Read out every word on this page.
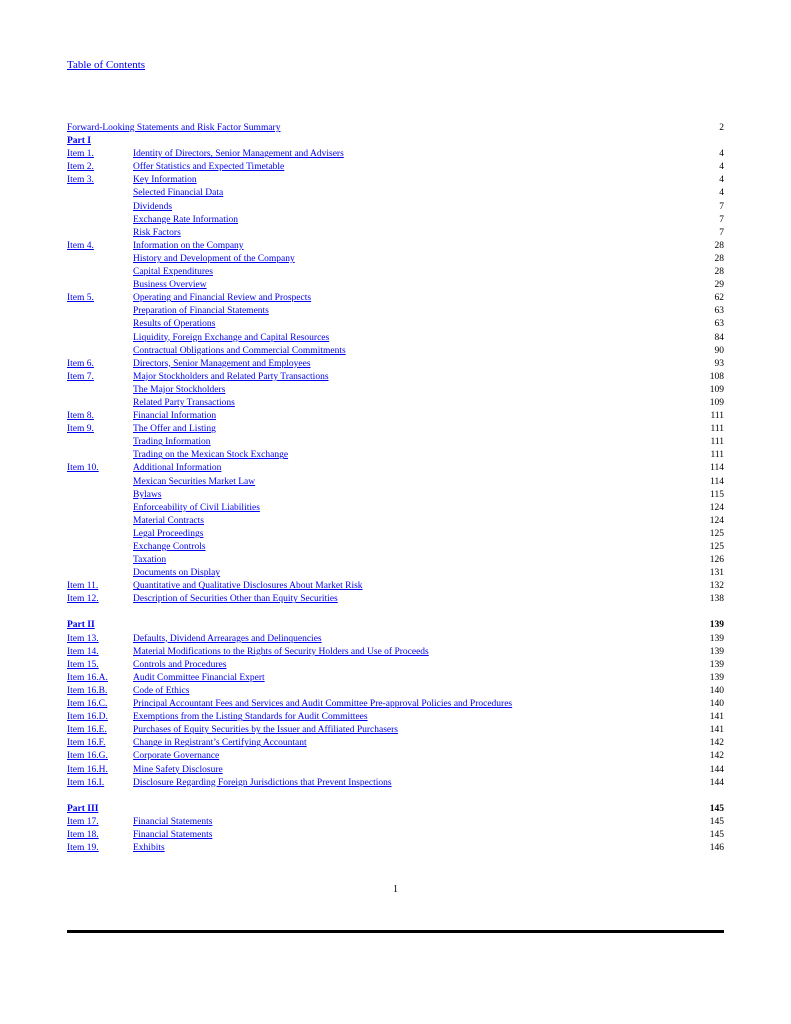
Table of Contents
Forward-Looking Statements and Risk Factor Summary	2
Part I
Item 1.	Identity of Directors, Senior Management and Advisers	4
Item 2.	Offer Statistics and Expected Timetable	4
Item 3.	Key Information	4
Selected Financial Data	4
Dividends	7
Exchange Rate Information	7
Risk Factors	7
Item 4.	Information on the Company	28
History and Development of the Company	28
Capital Expenditures	28
Business Overview	29
Item 5.	Operating and Financial Review and Prospects	62
Preparation of Financial Statements	63
Results of Operations	63
Liquidity, Foreign Exchange and Capital Resources	84
Contractual Obligations and Commercial Commitments	90
Item 6.	Directors, Senior Management and Employees	93
Item 7.	Major Stockholders and Related Party Transactions	108
The Major Stockholders	109
Related Party Transactions	109
Item 8.	Financial Information	111
Item 9.	The Offer and Listing	111
Trading Information	111
Trading on the Mexican Stock Exchange	111
Item 10.	Additional Information	114
Mexican Securities Market Law	114
Bylaws	115
Enforceability of Civil Liabilities	124
Material Contracts	124
Legal Proceedings	125
Exchange Controls	125
Taxation	126
Documents on Display	131
Item 11.	Quantitative and Qualitative Disclosures About Market Risk	132
Item 12.	Description of Securities Other than Equity Securities	138
Part II	139
Item 13.	Defaults, Dividend Arrearages and Delinquencies	139
Item 14.	Material Modifications to the Rights of Security Holders and Use of Proceeds	139
Item 15.	Controls and Procedures	139
Item 16.A.	Audit Committee Financial Expert	139
Item 16.B.	Code of Ethics	140
Item 16.C.	Principal Accountant Fees and Services and Audit Committee Pre-approval Policies and Procedures	140
Item 16.D.	Exemptions from the Listing Standards for Audit Committees	141
Item 16.E.	Purchases of Equity Securities by the Issuer and Affiliated Purchasers	141
Item 16.F.	Change in Registrant’s Certifying Accountant	142
Item 16.G.	Corporate Governance	142
Item 16.H.	Mine Safety Disclosure	144
Item 16.I.	Disclosure Regarding Foreign Jurisdictions that Prevent Inspections	144
Part III	145
Item 17.	Financial Statements	145
Item 18.	Financial Statements	145
Item 19.	Exhibits	146
1
